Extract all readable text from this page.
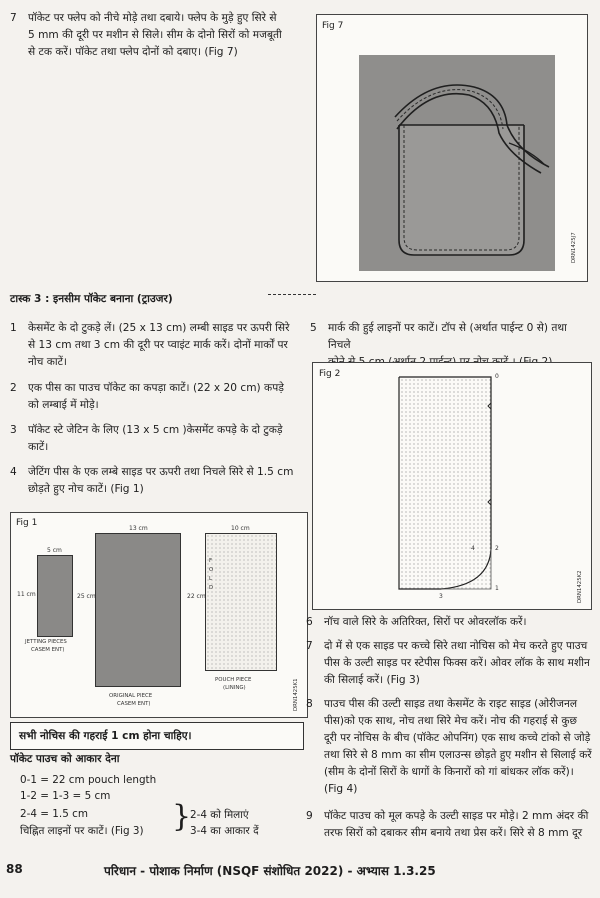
7 पॉकेट पर फ्लेप को नीचे मोड़े तथा दबाये। फ्लेप के मुड़े हुए सिरे से
5 mm की दूरी पर मशीन से सिले। सीम के दोनो सिरों को मजबूती
से टक करें। पॉकेट तथा फ्लेप दोनों को दबाए। (Fig 7)
Fig 7
DRN1425J7
टास्क 3 : इनसीम पॉकेट बनाना (ट्राउजर)
1 केसमेंट के दो टुकड़े लें। (25 x 13 cm) लम्बी साइड पर ऊपरी सिरे
से 13 cm तथा 3 cm की दूरी पर प्वाइंट मार्क करें। दोनों मार्कों पर
नोच काटें।
2 एक पीस का पाउच पॉकेट का कपड़ा काटें। (22 x 20 cm) कपड़े
को लम्बाई में मोड़े।
3 पॉकेट स्टे जेटिन के लिए (13 x 5 cm )केसमेंट कपड़े के दो टुकड़े
काटें।
4 जेटिंग पीस के एक लम्बे साइड पर ऊपरी तथा निचले सिरे से 1.5 cm
छोड़ते हुए नोच काटें। (Fig 1)
Fig 1
5 cm
11 cm
JETTING PIECES
CASEM ENT)
13 cm
25 cm
ORIGINAL PIECE
CASEM ENT)
10 cm
22 cm
F
O
L
D
POUCH PIECE
(LINING)	DRN1425K1
सभी नोचिस की गहराई 1 cm होना चाहिए।
पॉकेट पाउच को आकार देना
0-1 = 22 cm pouch length
1-2 = 1-3 = 5 cm
2-4 = 1.5 cm
चिह्नित लाइनों पर काटें। (Fig 3) }
2-4 को मिलाएं
3-4 का आकार दें
5 मार्क की हुई लाइनों पर काटें। टॉप से (अर्थात पाईन्ट 0 से) तथा निचले

Fig 2	0
1
2
3
4
DRN1425K2
6 नॉच वाले सिरे के अतिरिक्त, सिरों पर ओवरलॉक करें।
7 दो में से एक साइड पर कच्चे सिरे तथा नोचिस को मेच करते हुए पाउच
पीस के उल्टी साइड पर स्टेपीस फिक्स करें। ओवर लॉक के साथ मशीन
की सिलाई करें। (Fig 3)
8 पाउच पीस की उल्टी साइड तथा केसमेंट के राइट साइड (ओरीजनल
पीस)को एक साथ, नोच तथा सिरे मेच करें। नोच की गहराई से कुछ
दूरी पर नोचिस के बीच (पॉकेट ओपनिंग) एक साथ कच्चे टांको से जोड़े
तथा सिरे से 8 mm का सीम एलाउन्स छोड़ते हुए मशीन से सिलाई करें
(सीम के दोनों सिरों के धागों के किनारों को गां बांधकर लॉक करें)।
(Fig 4)
9 पॉकेट पाउच को मूल कपड़े के उल्टी साइड पर मोड़े। 2 mm अंदर की
तरफ सिरों को दबाकर सीम बनाये तथा प्रेस करें। सिरे से 8 mm दूर
88	परिधान - पोशाक निर्माण (NSQF संशोधित 2022) - अभ्यास 1.3.25
